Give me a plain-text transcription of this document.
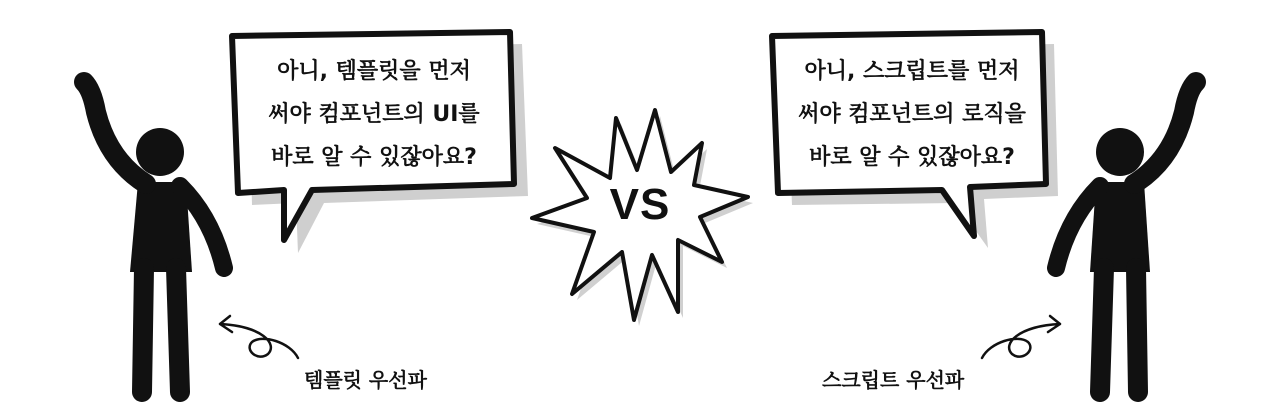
아니, 템플릿을 먼저
써야 컴포넌트의 UI를
바로 알 수 있잖아요?
아니, 스크립트를 먼저
써야 컴포넌트의 로직을
바로 알 수 있잖아요?
VS
템플릿 우선파	스크립트 우선파
